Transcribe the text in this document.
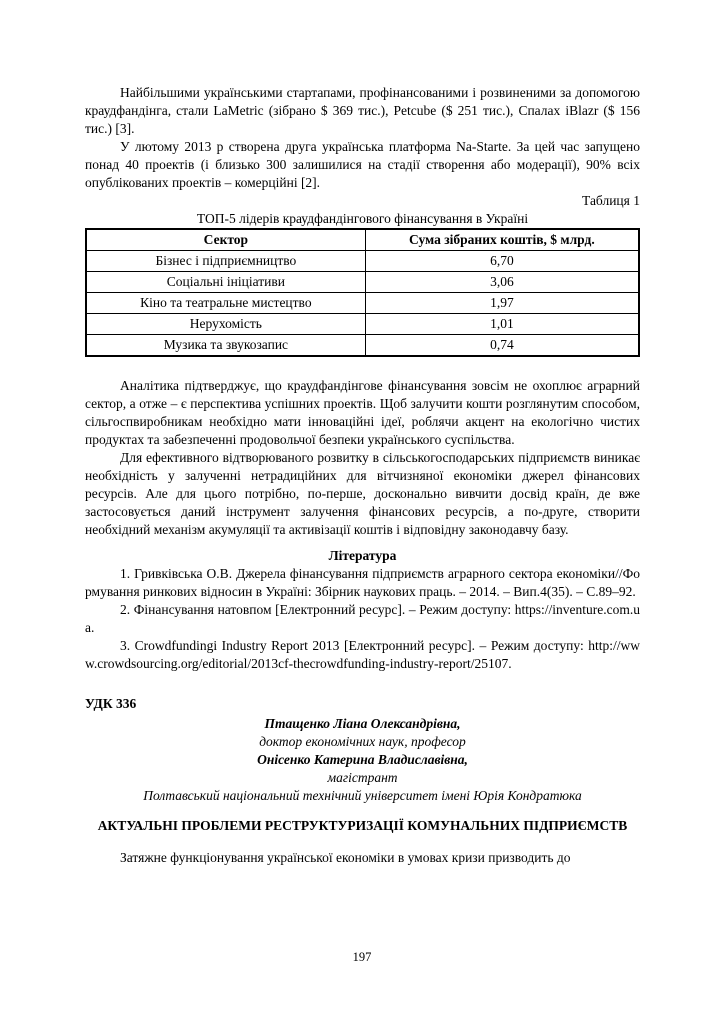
Найбільшими українськими стартапами, профінансованими і розвиненими за допомогою краудфандінга, стали LaMetric (зібрано $ 369 тис.), Petcube ($ 251 тис.), Спалах iBlazr ($ 156 тис.) [3].

У лютому 2013 р створена друга українська платформа Na-Starte. За цей час запущено понад 40 проектів (і близько 300 залишилися на стадії створення або модерації), 90% всіх опублікованих проектів – комерційні [2].

Таблиця 1

ТОП-5 лідерів краудфандінгового фінансування в Україні

Сектор	Сума зібраних коштів, $ млрд.
Бізнес і підприємництво	6,70
Соціальні ініціативи	3,06
Кіно та театральне мистецтво	1,97
Нерухомість	1,01
Музика та звукозапис	0,74

Аналітика підтверджує, що краудфандінгове фінансування зовсім не охоплює аграрний сектор, а отже – є перспектива успішних проектів. Щоб залучити кошти розглянутим способом, сільгоспвиробникам необхідно мати інноваційні ідеї, роблячи акцент на екологічно чистих продуктах та забезпеченні продовольчої безпеки українського суспільства.

Для ефективного відтворюваного розвитку в сільськогосподарських підприємств виникає необхідність у залученні нетрадиційних для вітчизняної економіки джерел фінансових ресурсів. Але для цього потрібно, по-перше, досконально вивчити досвід країн, де вже застосовується даний інструмент залучення фінансових ресурсів, а по-друге, створити необхідний механізм акумуляції та активізації коштів і відповідну законодавчу базу.

Література

1. Гривківська О.В. Джерела фінансування підприємств аграрного сектора економіки//Формування ринкових відносин в Україні: Збірник наукових праць. – 2014. – Вип.4(35). – С.89–92.

2. Фінансування натовпом [Електронний ресурс]. – Режим доступу: https://inventure.com.ua.

3. Crowdfundingi Industry Report 2013 [Електронний ресурс]. – Режим доступу: http://www.crowdsourcing.org/editorial/2013cf-thecrowdfunding-industry-report/25107.

УДК 336

Птащенко Ліана Олександрівна,

доктор економічних наук, професор

Онісенко Катерина Владиславівна,

магістрант

Полтавський національний технічний університет імені Юрія Кондратюка

АКТУАЛЬНІ ПРОБЛЕМИ РЕСТРУКТУРИЗАЦІЇ КОМУНАЛЬНИХ ПІДПРИЄМСТВ

Затяжне функціонування української економіки в умовах кризи призводить до

197
